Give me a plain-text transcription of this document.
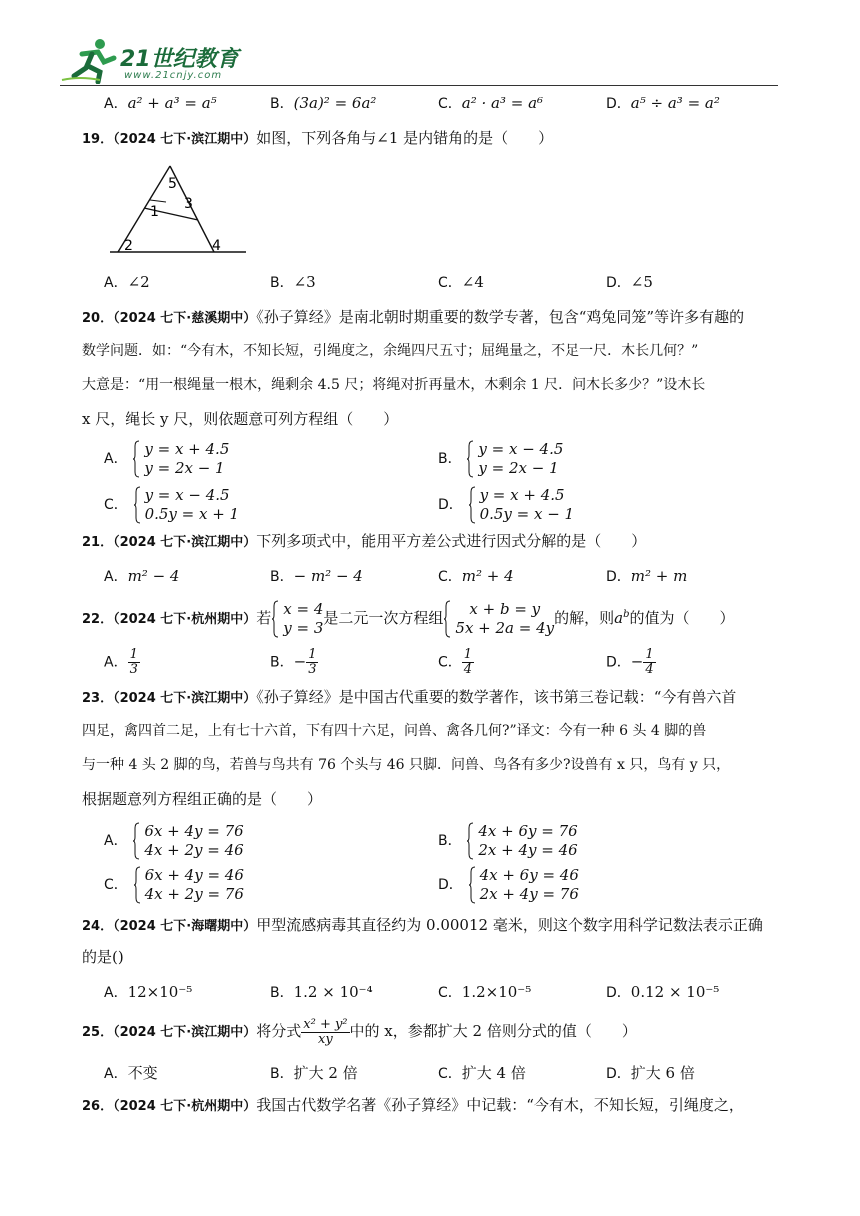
21世纪教育
www.21cnjy.com
A．a² + a³ = a⁵	B．(3a)² = 6a²	C．a² · a³ = a⁶	D．a⁵ ÷ a³ = a²
19．（2024 七下·滨江期中）如图，下列各角与∠1 是内错角的是（　　）
5
3
1
2	4
A．∠2	B．∠3	C．∠4	D．∠5
20．（2024 七下·慈溪期中）《孙子算经》是南北朝时期重要的数学专著，包含“鸡兔同笼”等许多有趣的
数学问题．如：“今有木，不知长短，引绳度之，余绳四尺五寸；屈绳量之，不足一尺．木长几何？”
大意是：“用一根绳量一根木，绳剩余 4.5 尺；将绳对折再量木，木剩余 1 尺．问木长多少？”设木长
x 尺，绳长 y 尺，则依题意可列方程组（　　）
A．
y = x + 4.5
y = 2x − 1	B．
y = x − 4.5
y = 2x − 1
C．
y = x − 4.5
0.5y = x + 1	D．
y = x + 4.5
0.5y = x − 1
21．（2024 七下·滨江期中）下列多项式中，能用平方差公式进行因式分解的是（　　）
A．m² − 4	B．− m² − 4	C．m² + 4	D．m² + m
22．（2024 七下·杭州期中）若 x = 4
y = 3是二元一次方程组 x + b = y
5x + 2a = 4y的解，则$a^b$的值为（　　）
A． $\frac{1}{3}$	B．− $\frac{1}{3}$	C． $\frac{1}{4}$	D．− $\frac{1}{4}$
23．（2024 七下·滨江期中）《孙子算经》是中国古代重要的数学著作，该书第三卷记载：“今有兽六首
四足，禽四首二足，上有七十六首，下有四十六足，问兽、禽各几何?”译文：今有一种 6 头 4 脚的兽
与一种 4 头 2 脚的鸟，若兽与鸟共有 76 个头与 46 只脚．问兽、鸟各有多少?设兽有 x 只，鸟有 y 只，
根据题意列方程组正确的是（　　）
A．
6x + 4y = 76
4x + 2y = 46	B．
4x + 6y = 76
2x + 4y = 46
C．
6x + 4y = 46
4x + 2y = 76	D．
4x + 6y = 46
2x + 4y = 76
24．（2024 七下·海曙期中）甲型流感病毒其直径约为 0.00012 毫米，则这个数字用科学记数法表示正确
的是()
A．12×10⁻⁵	B．1.2 × 10⁻⁴	C．1.2×10⁻⁵	D．0.12 × 10⁻⁵
25．（2024 七下·滨江期中）将分式 $\frac{\text{x² + y²}}{xy}$ 中的 x，参都扩大 2 倍则分式的值（　　）
A．不变	B．扩大 2 倍	C．扩大 4 倍	D．扩大 6 倍
26．（2024 七下·杭州期中）我国古代数学名著《孙子算经》中记载：“今有木，不知长短，引绳度之，
